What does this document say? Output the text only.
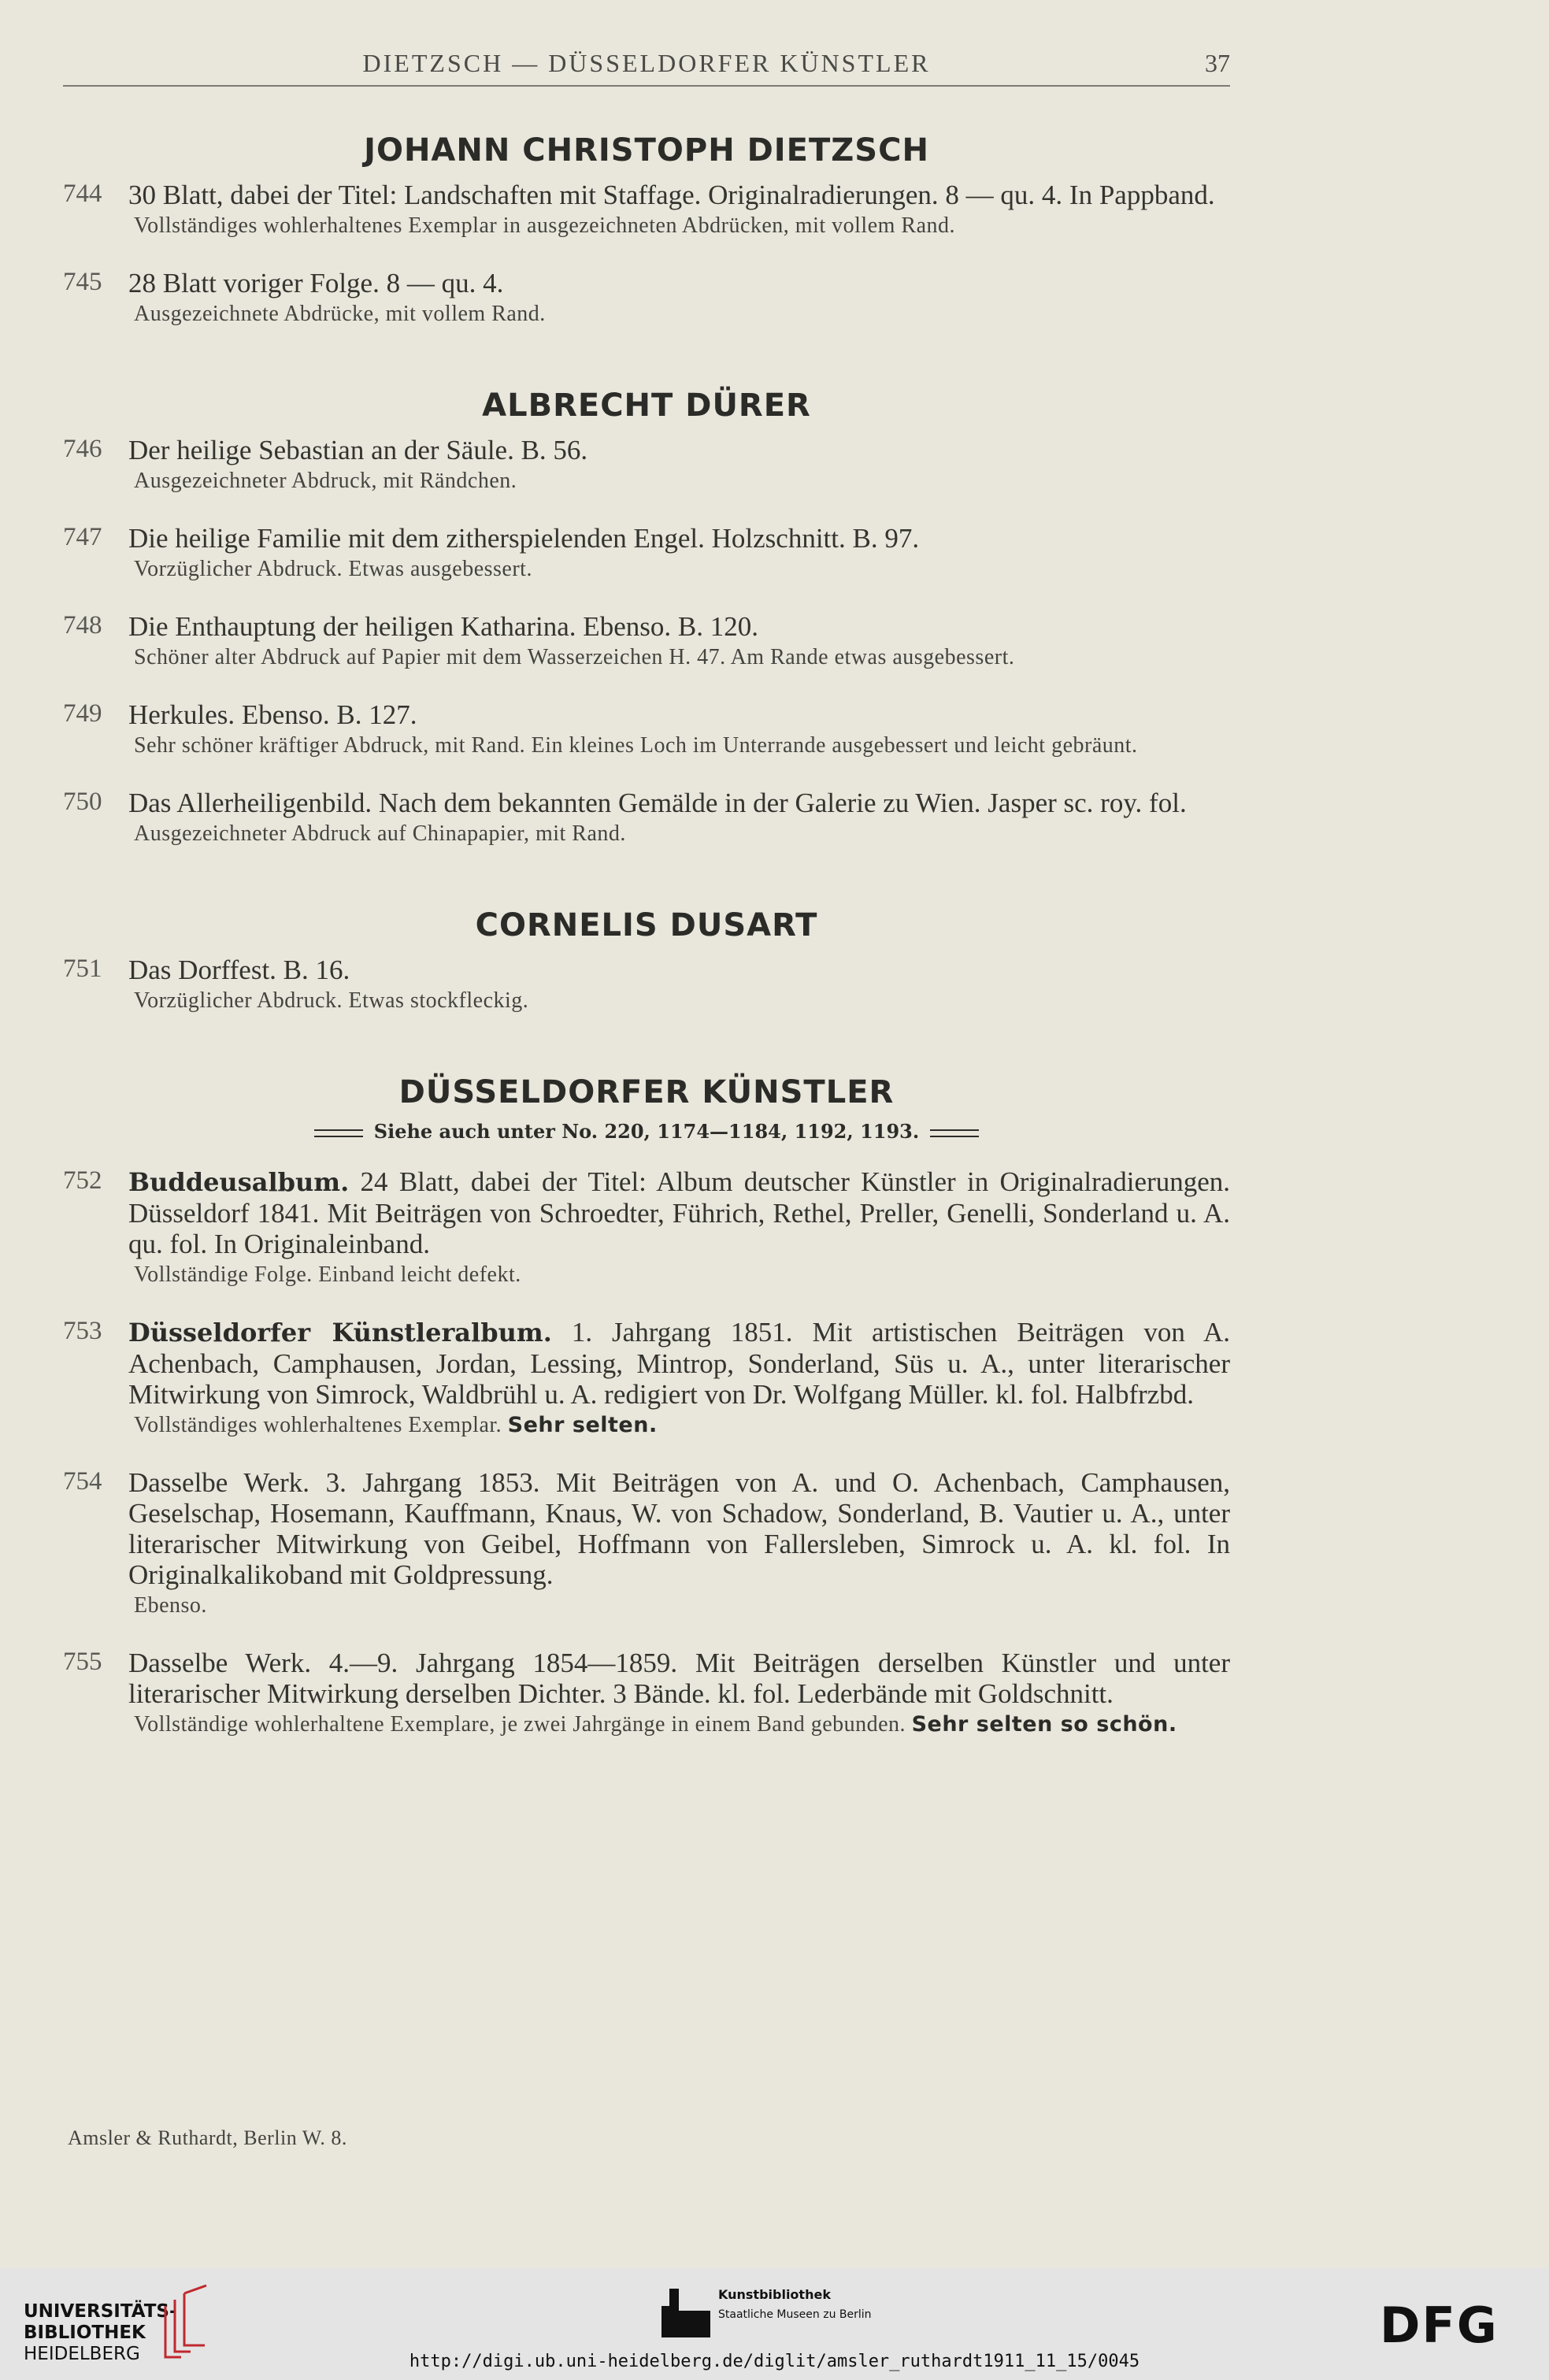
DIETZSCH — DÜSSELDORFER KÜNSTLER	37
JOHANN CHRISTOPH DIETZSCH
744 30 Blatt, dabei der Titel: Landschaften mit Staffage. Originalradierungen. 8 — qu. 4. In Pappband.
Vollständiges wohlerhaltenes Exemplar in ausgezeichneten Abdrücken, mit vollem Rand.
745 28 Blatt voriger Folge. 8 — qu. 4.
Ausgezeichnete Abdrücke, mit vollem Rand.
ALBRECHT DÜRER
746 Der heilige Sebastian an der Säule. B. 56.
Ausgezeichneter Abdruck, mit Rändchen.
747 Die heilige Familie mit dem zitherspielenden Engel. Holzschnitt. B. 97.
Vorzüglicher Abdruck. Etwas ausgebessert.
748 Die Enthauptung der heiligen Katharina. Ebenso. B. 120.
Schöner alter Abdruck auf Papier mit dem Wasserzeichen H. 47. Am Rande etwas ausgebessert.
749 Herkules. Ebenso. B. 127.
Sehr schöner kräftiger Abdruck, mit Rand. Ein kleines Loch im Unterrande ausgebessert und leicht gebräunt.
750 Das Allerheiligenbild. Nach dem bekannten Gemälde in der Galerie zu Wien. Jasper sc. roy. fol.
Ausgezeichneter Abdruck auf Chinapapier, mit Rand.
CORNELIS DUSART
751 Das Dorffest. B. 16.
Vorzüglicher Abdruck. Etwas stockfleckig.
DÜSSELDORFER KÜNSTLER
Siehe auch unter No. 220, 1174—1184, 1192, 1193.
752 Buddeusalbum. 24 Blatt, dabei der Titel: Album deutscher Künstler in Originalradierungen. Düsseldorf 1841. Mit Beiträgen von Schroedter, Führich, Rethel, Preller, Genelli, Sonderland u. A. qu. fol. In Originaleinband.
Vollständige Folge. Einband leicht defekt.
753 Düsseldorfer Künstleralbum. 1. Jahrgang 1851. Mit artistischen Beiträgen von A. Achenbach, Camphausen, Jordan, Lessing, Mintrop, Sonderland, Süs u. A., unter literarischer Mitwirkung von Simrock, Waldbrühl u. A. redigiert von Dr. Wolfgang Müller. kl. fol. Halbfrzbd.
Vollständiges wohlerhaltenes Exemplar. Sehr selten.
754 Dasselbe Werk. 3. Jahrgang 1853. Mit Beiträgen von A. und O. Achenbach, Camphausen, Geselschap, Hosemann, Kauffmann, Knaus, W. von Schadow, Sonderland, B. Vautier u. A., unter literarischer Mitwirkung von Geibel, Hoffmann von Fallersleben, Simrock u. A. kl. fol. In Originalkalikoband mit Goldpressung.
Ebenso.
755 Dasselbe Werk. 4.—9. Jahrgang 1854—1859. Mit Beiträgen derselben Künstler und unter literarischer Mitwirkung derselben Dichter. 3 Bände. kl. fol. Lederbände mit Goldschnitt.
Vollständige wohlerhaltene Exemplare, je zwei Jahrgänge in einem Band gebunden. Sehr selten so schön.
Amsler & Ruthardt, Berlin W. 8.
UNIVERSITÄTS-
BIBLIOTHEK
HEIDELBERG
Kunstbibliothek
Staatliche Museen zu Berlin	DFG
http://digi.ub.uni-heidelberg.de/diglit/amsler_ruthardt1911_11_15/0045
